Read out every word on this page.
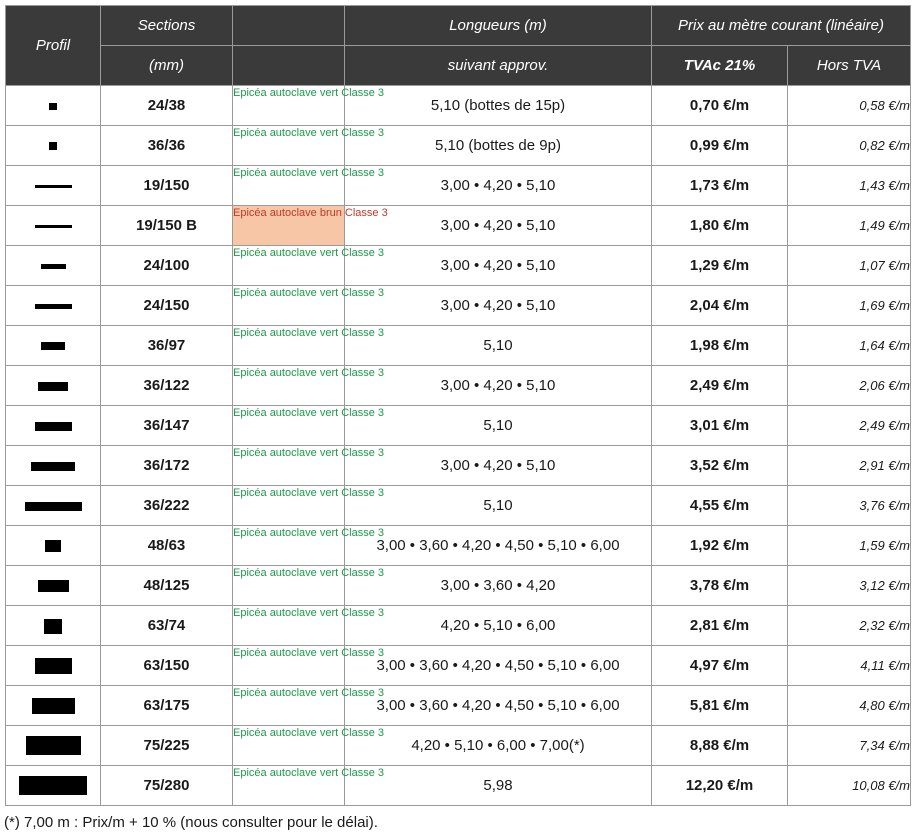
Profil	Sections		Longueurs (m)	Prix au mètre courant (linéaire)	
	(mm)		suivant approv.	TVAc 21%	Hors TVA
	24/38	Epicéa autoclave vert Classe 3	5,10 (bottes de 15p)	0,70 €/m	0,58 €/m
	36/36	Epicéa autoclave vert Classe 3	5,10 (bottes de 9p)	0,99 €/m	0,82 €/m
	19/150	Epicéa autoclave vert Classe 3	3,00 • 4,20 • 5,10	1,73 €/m	1,43 €/m
	19/150 B	Epicéa autoclave brun Classe 3	3,00 • 4,20 • 5,10	1,80 €/m	1,49 €/m
	24/100	Epicéa autoclave vert Classe 3	3,00 • 4,20 • 5,10	1,29 €/m	1,07 €/m
	24/150	Epicéa autoclave vert Classe 3	3,00 • 4,20 • 5,10	2,04 €/m	1,69 €/m
	36/97	Epicéa autoclave vert Classe 3	5,10	1,98 €/m	1,64 €/m
	36/122	Epicéa autoclave vert Classe 3	3,00 • 4,20 • 5,10	2,49 €/m	2,06 €/m
	36/147	Epicéa autoclave vert Classe 3	5,10	3,01 €/m	2,49 €/m
	36/172	Epicéa autoclave vert Classe 3	3,00 • 4,20 • 5,10	3,52 €/m	2,91 €/m
	36/222	Epicéa autoclave vert Classe 3	5,10	4,55 €/m	3,76 €/m
	48/63	Epicéa autoclave vert Classe 3	3,00 • 3,60 • 4,20 • 4,50 • 5,10 • 6,00	1,92 €/m	1,59 €/m
	48/125	Epicéa autoclave vert Classe 3	3,00 • 3,60 • 4,20	3,78 €/m	3,12 €/m
	63/74	Epicéa autoclave vert Classe 3	4,20 • 5,10 • 6,00	2,81 €/m	2,32 €/m
	63/150	Epicéa autoclave vert Classe 3	3,00 • 3,60 • 4,20 • 4,50 • 5,10 • 6,00	4,97 €/m	4,11 €/m
	63/175	Epicéa autoclave vert Classe 3	3,00 • 3,60 • 4,20 • 4,50 • 5,10 • 6,00	5,81 €/m	4,80 €/m
	75/225	Epicéa autoclave vert Classe 3	4,20 • 5,10 • 6,00 • 7,00(*)	8,88 €/m	7,34 €/m
	75/280	Epicéa autoclave vert Classe 3	5,98	12,20 €/m	10,08 €/m
(*) 7,00 m : Prix/m + 10 % (nous consulter pour le délai).
